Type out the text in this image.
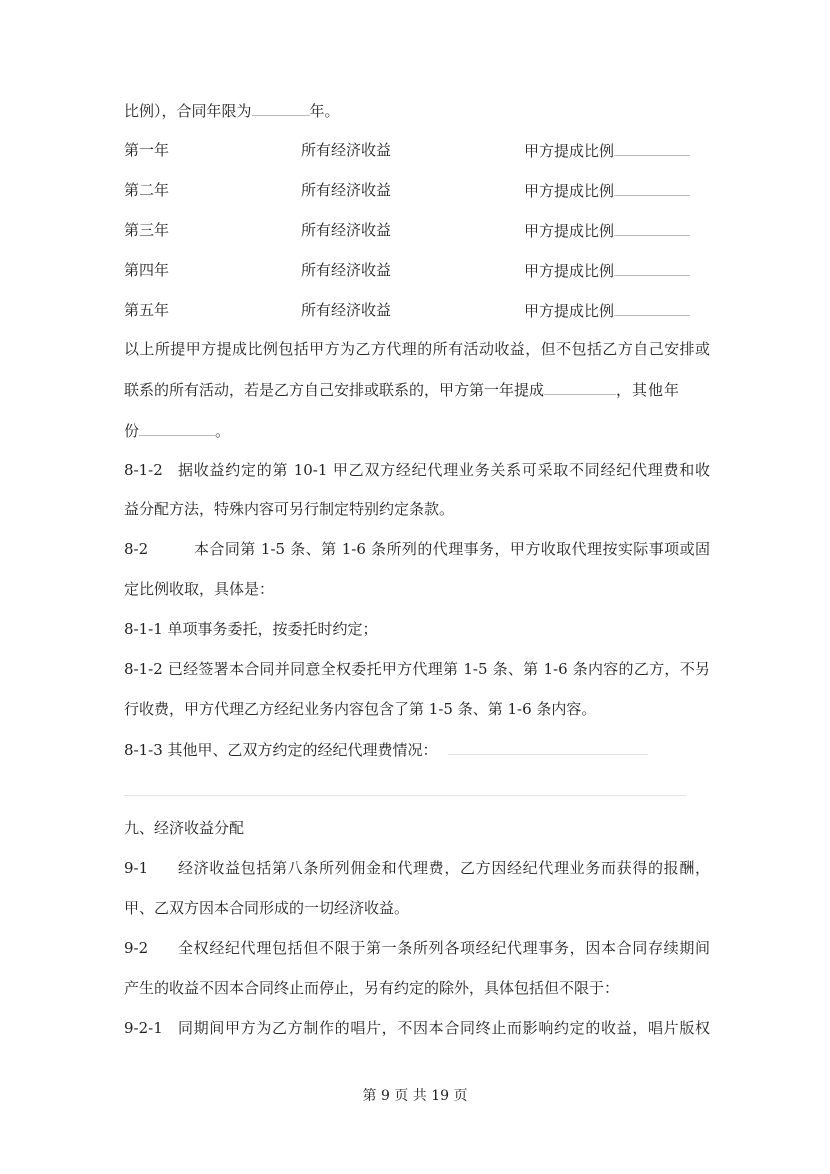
比例），合同年限为	年。
第一年	所有经济收益	甲方提成比例
第二年	所有经济收益	甲方提成比例
第三年	所有经济收益	甲方提成比例
第四年	所有经济收益	甲方提成比例
第五年	所有经济收益	甲方提成比例
以上所提甲方提成比例包括甲方为乙方代理的所有活动收益，但不包括乙方自己安排或
联系的所有活动，若是乙方自己安排或联系的，甲方第一年提成	，其他年
份	。
8-1-2 据收益约定的第 10-1 甲乙双方经纪代理业务关系可采取不同经纪代理费和收
益分配方法，特殊内容可另行制定特别约定条款。
8-2	本合同第 1-5 条、第 1-6 条所列的代理事务，甲方收取代理按实际事项或固
定比例收取，具体是：
8-1-1 单项事务委托，按委托时约定；
8-1-2 已经签署本合同并同意全权委托甲方代理第 1-5 条、第 1-6 条内容的乙方，不另
行收费，甲方代理乙方经纪业务内容包含了第 1-5 条、第 1-6 条内容。
8-1-3 其他甲、乙双方约定的经纪代理费情况：
九、经济收益分配
9-1 经济收益包括第八条所列佣金和代理费，乙方因经纪代理业务而获得的报酬，
甲、乙双方因本合同形成的一切经济收益。
9-2 全权经纪代理包括但不限于第一条所列各项经纪代理事务，因本合同存续期间
产生的收益不因本合同终止而停止，另有约定的除外，具体包括但不限于：
9-2-1 同期间甲方为乙方制作的唱片，不因本合同终止而影响约定的收益，唱片版权
第 9 页 共 19 页
